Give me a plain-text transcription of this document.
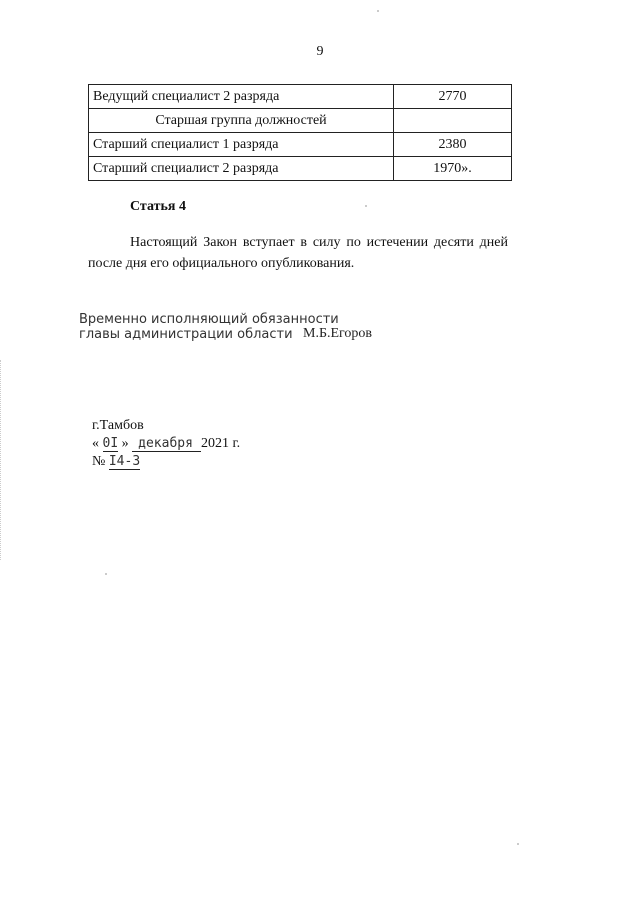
9
Ведущий специалист 2 разряда	2770
Старшая группа должностей	
Старший специалист 1 разряда	2380
Старший специалист 2 разряда	1970».
Статья 4
Настоящий Закон вступает в силу по истечении десяти дней после дня его официального опубликования.
Временно исполняющий обязанности
главы администрации области М.Б.Егоров
г.Тамбов
« 0I » декабря 2021 г.
№ I4-З
